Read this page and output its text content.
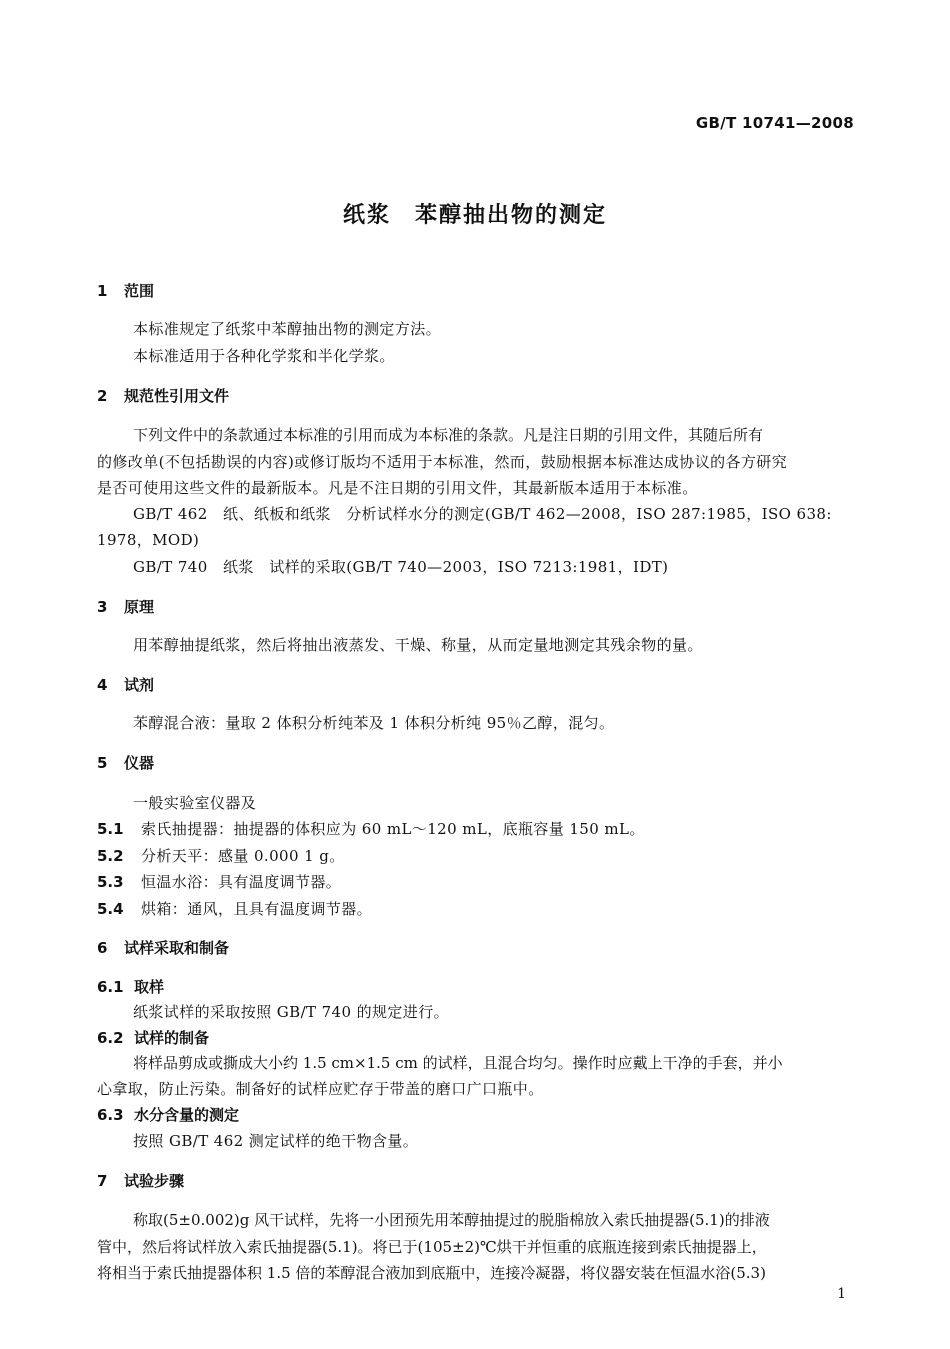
GB/T 10741—2008
纸浆　苯醇抽出物的测定
1 范围
本标准规定了纸浆中苯醇抽出物的测定方法。
本标准适用于各种化学浆和半化学浆。
2 规范性引用文件
下列文件中的条款通过本标准的引用而成为本标准的条款。凡是注日期的引用文件，其随后所有
的修改单(不包括勘误的内容)或修订版均不适用于本标准，然而，鼓励根据本标准达成协议的各方研究
是否可使用这些文件的最新版本。凡是不注日期的引用文件，其最新版本适用于本标准。
GB/T 462　纸、纸板和纸浆　分析试样水分的测定(GB/T 462—2008，ISO 287:1985，ISO 638:
1978，MOD)
GB/T 740　纸浆　试样的采取(GB/T 740—2003，ISO 7213:1981，IDT)
3 原理
用苯醇抽提纸浆，然后将抽出液蒸发、干燥、称量，从而定量地测定其残余物的量。
4 试剂
苯醇混合液：量取 2 体积分析纯苯及 1 体积分析纯 95％乙醇，混匀。
5 仪器
一般实验室仪器及
5.1 索氏抽提器：抽提器的体积应为 60 mL～120 mL，底瓶容量 150 mL。
5.2 分析天平：感量 0.000 1 g。
5.3 恒温水浴：具有温度调节器。
5.4 烘箱：通风，且具有温度调节器。
6 试样采取和制备
6.1 取样
纸浆试样的采取按照 GB/T 740 的规定进行。
6.2 试样的制备
将样品剪成或撕成大小约 1.5 cm×1.5 cm 的试样，且混合均匀。操作时应戴上干净的手套，并小
心拿取，防止污染。制备好的试样应贮存于带盖的磨口广口瓶中。
6.3 水分含量的测定
按照 GB/T 462 测定试样的绝干物含量。
7 试验步骤
称取(5±0.002)g 风干试样，先将一小团预先用苯醇抽提过的脱脂棉放入索氏抽提器(5.1)的排液
管中，然后将试样放入索氏抽提器(5.1)。将已于(105±2)℃烘干并恒重的底瓶连接到索氏抽提器上，
将相当于索氏抽提器体积 1.5 倍的苯醇混合液加到底瓶中，连接冷凝器，将仪器安装在恒温水浴(5.3)
1
